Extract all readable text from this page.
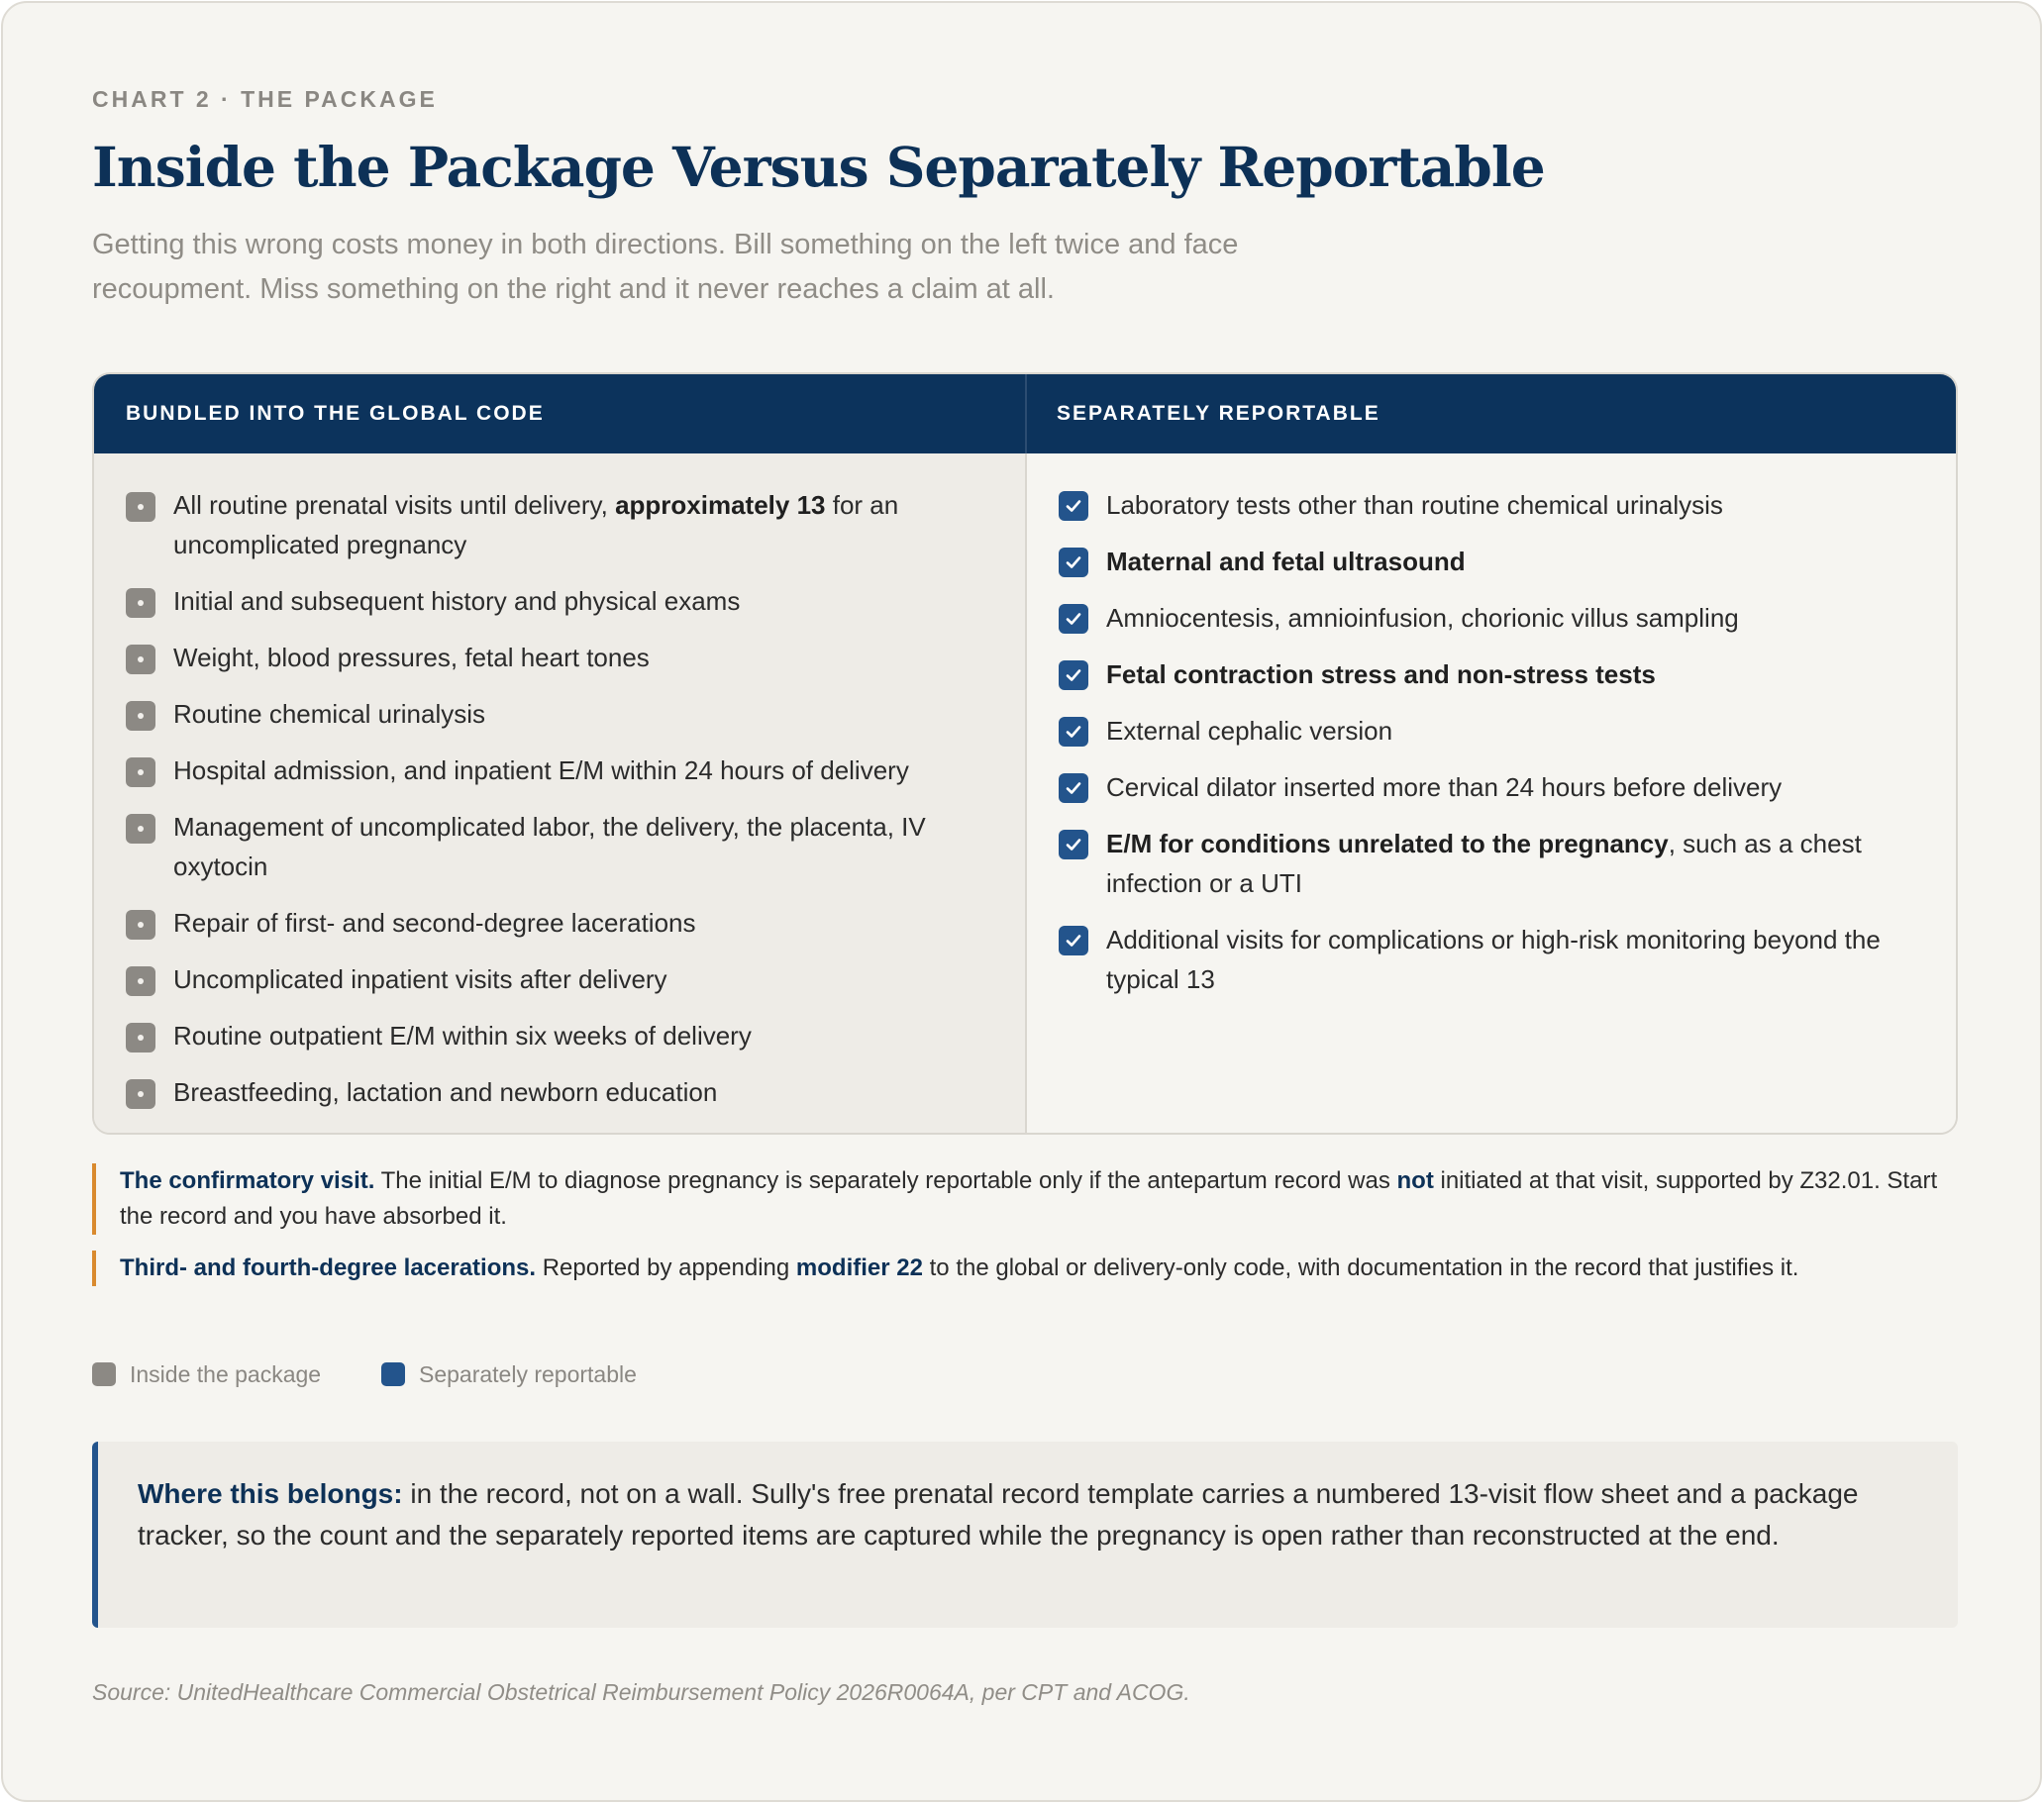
CHART 2 · THE PACKAGE
Inside the Package Versus Separately Reportable
Getting this wrong costs money in both directions. Bill something on the left twice and face recoupment. Miss something on the right and it never reaches a claim at all.
BUNDLED INTO THE GLOBAL CODE	SEPARATELY REPORTABLE
All routine prenatal visits until delivery, approximately 13 for an uncomplicated pregnancy
Initial and subsequent history and physical exams
Weight, blood pressures, fetal heart tones
Routine chemical urinalysis
Hospital admission, and inpatient E/M within 24 hours of delivery
Management of uncomplicated labor, the delivery, the placenta, IV oxytocin
Repair of first- and second-degree lacerations
Uncomplicated inpatient visits after delivery
Routine outpatient E/M within six weeks of delivery
Breastfeeding, lactation and newborn education
Laboratory tests other than routine chemical urinalysis
Maternal and fetal ultrasound
Amniocentesis, amnioinfusion, chorionic villus sampling
Fetal contraction stress and non-stress tests
External cephalic version
Cervical dilator inserted more than 24 hours before delivery
E/M for conditions unrelated to the pregnancy, such as a chest infection or a UTI
Additional visits for complications or high-risk monitoring beyond the typical 13
The confirmatory visit. The initial E/M to diagnose pregnancy is separately reportable only if the antepartum record was not initiated at that visit, supported by Z32.01. Start the record and you have absorbed it.
Third- and fourth-degree lacerations. Reported by appending modifier 22 to the global or delivery-only code, with documentation in the record that justifies it.
Inside the package	Separately reportable
Where this belongs: in the record, not on a wall. Sully's free prenatal record template carries a numbered 13-visit flow sheet and a package tracker, so the count and the separately reported items are captured while the pregnancy is open rather than reconstructed at the end.
Source: UnitedHealthcare Commercial Obstetrical Reimbursement Policy 2026R0064A, per CPT and ACOG.
